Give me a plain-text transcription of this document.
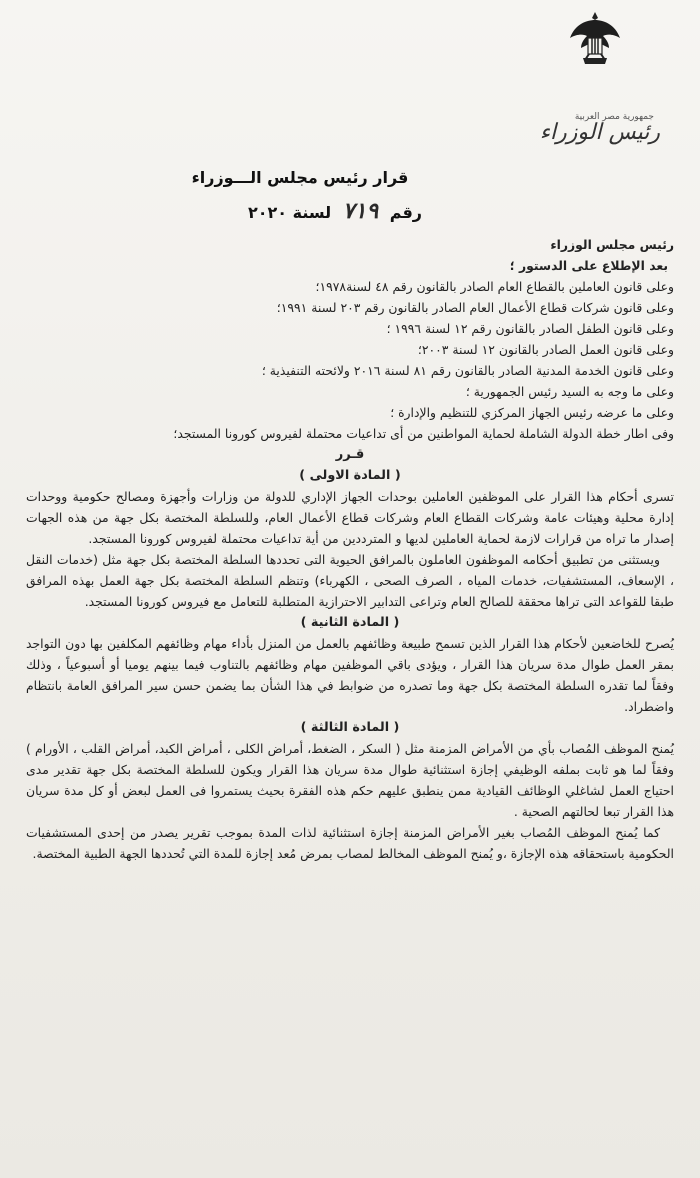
جمهورية مصر العربية
رئيس الوزراء
قرار رئيس مجلس الـــوزراء
رقم ٧١٩ لسنة ٢٠٢٠

رئيس مجلس الوزراء

بعد الإطلاع على الدستور ؛

وعلى قانون العاملين بالقطاع العام الصادر بالقانون رقم ٤٨ لسنة١٩٧٨؛

وعلى قانون شركات قطاع الأعمال العام الصادر بالقانون رقم ٢٠٣ لسنة ١٩٩١؛

وعلى قانون الطفل الصادر بالقانون رقم ١٢ لسنة ١٩٩٦ ؛

وعلى قانون العمل الصادر بالقانون ١٢ لسنة ٢٠٠٣؛

وعلى قانون الخدمة المدنية الصادر بالقانون رقم ٨١ لسنة ٢٠١٦ ولائحته التنفيذية ؛

وعلى ما وجه به السيد رئيس الجمهورية ؛

وعلى ما عرضه رئيس الجهاز المركزي للتنظيم والإدارة ؛

وفى اطار خطة الدولة الشاملة لحماية المواطنين من أى تداعيات محتملة لفيروس كورونا المستجد؛

قـرر

( المادة الاولى )

تسرى أحكام هذا القرار على الموظفين العاملين بوحدات الجهاز الإداري للدولة من وزارات وأجهزة ومصالح حكومية ووحدات إدارة محلية وهيئات عامة وشركات القطاع العام وشركات قطاع الأعمال العام، وللسلطة المختصة بكل جهة من هذه الجهات إصدار ما تراه من قرارات لازمة لحماية العاملين لديها و المترددين من أية تداعيات محتملة لفيروس كورونا المستجد.

ويستثنى من تطبيق أحكامه الموظفون العاملون بالمرافق الحيوية التى تحددها السلطة المختصة بكل جهة مثل (خدمات النقل ، الإسعاف، المستشفيات، خدمات المياه ، الصرف الصحى ، الكهرباء) وتنظم السلطة المختصة بكل جهة العمل بهذه المرافق طبقا للقواعد التى تراها محققة للصالح العام وتراعى التدابير الاحترازية المتطلبة للتعامل مع فيروس كورونا المستجد.

( المادة الثانية )

يُصرح للخاضعين لأحكام هذا القرار الذين تسمح طبيعة وظائفهم بالعمل من المنزل بأداء مهام وظائفهم المكلفين بها دون التواجد بمقر العمل طوال مدة سريان هذا القرار ، ويؤدى باقي الموظفين مهام وظائفهم بالتناوب فيما بينهم يوميا أو أسبوعياً ، وذلك وفقاً لما تقدره السلطة المختصة بكل جهة وما تصدره من ضوابط في هذا الشأن بما يضمن حسن سير المرافق العامة بانتظام واضطراد.

( المادة الثالثة )

يُمنح الموظف المُصاب بأي من الأمراض المزمنة مثل ( السكر ، الضغط، أمراض الكلى ، أمراض الكبد، أمراض القلب ، الأورام ) وفقاً لما هو ثابت بملفه الوظيفي إجازة استثنائية طوال مدة سريان هذا القرار ويكون للسلطة المختصة بكل جهة تقدير مدى احتياج العمل لشاغلي الوظائف القيادية ممن ينطبق عليهم حكم هذه الفقرة بحيث يستمروا فى العمل لبعض أو كل مدة سريان هذا القرار تبعا لحالتهم الصحية .

كما يُمنح الموظف المُصاب بغير الأمراض المزمنة إجازة استثنائية لذات المدة بموجب تقرير يصدر من إحدى المستشفيات الحكومية باستحقاقه هذه الإجازة ،و يُمنح الموظف المخالط لمصاب بمرض مُعد إجازة للمدة التي تُحددها الجهة الطبية المختصة.
